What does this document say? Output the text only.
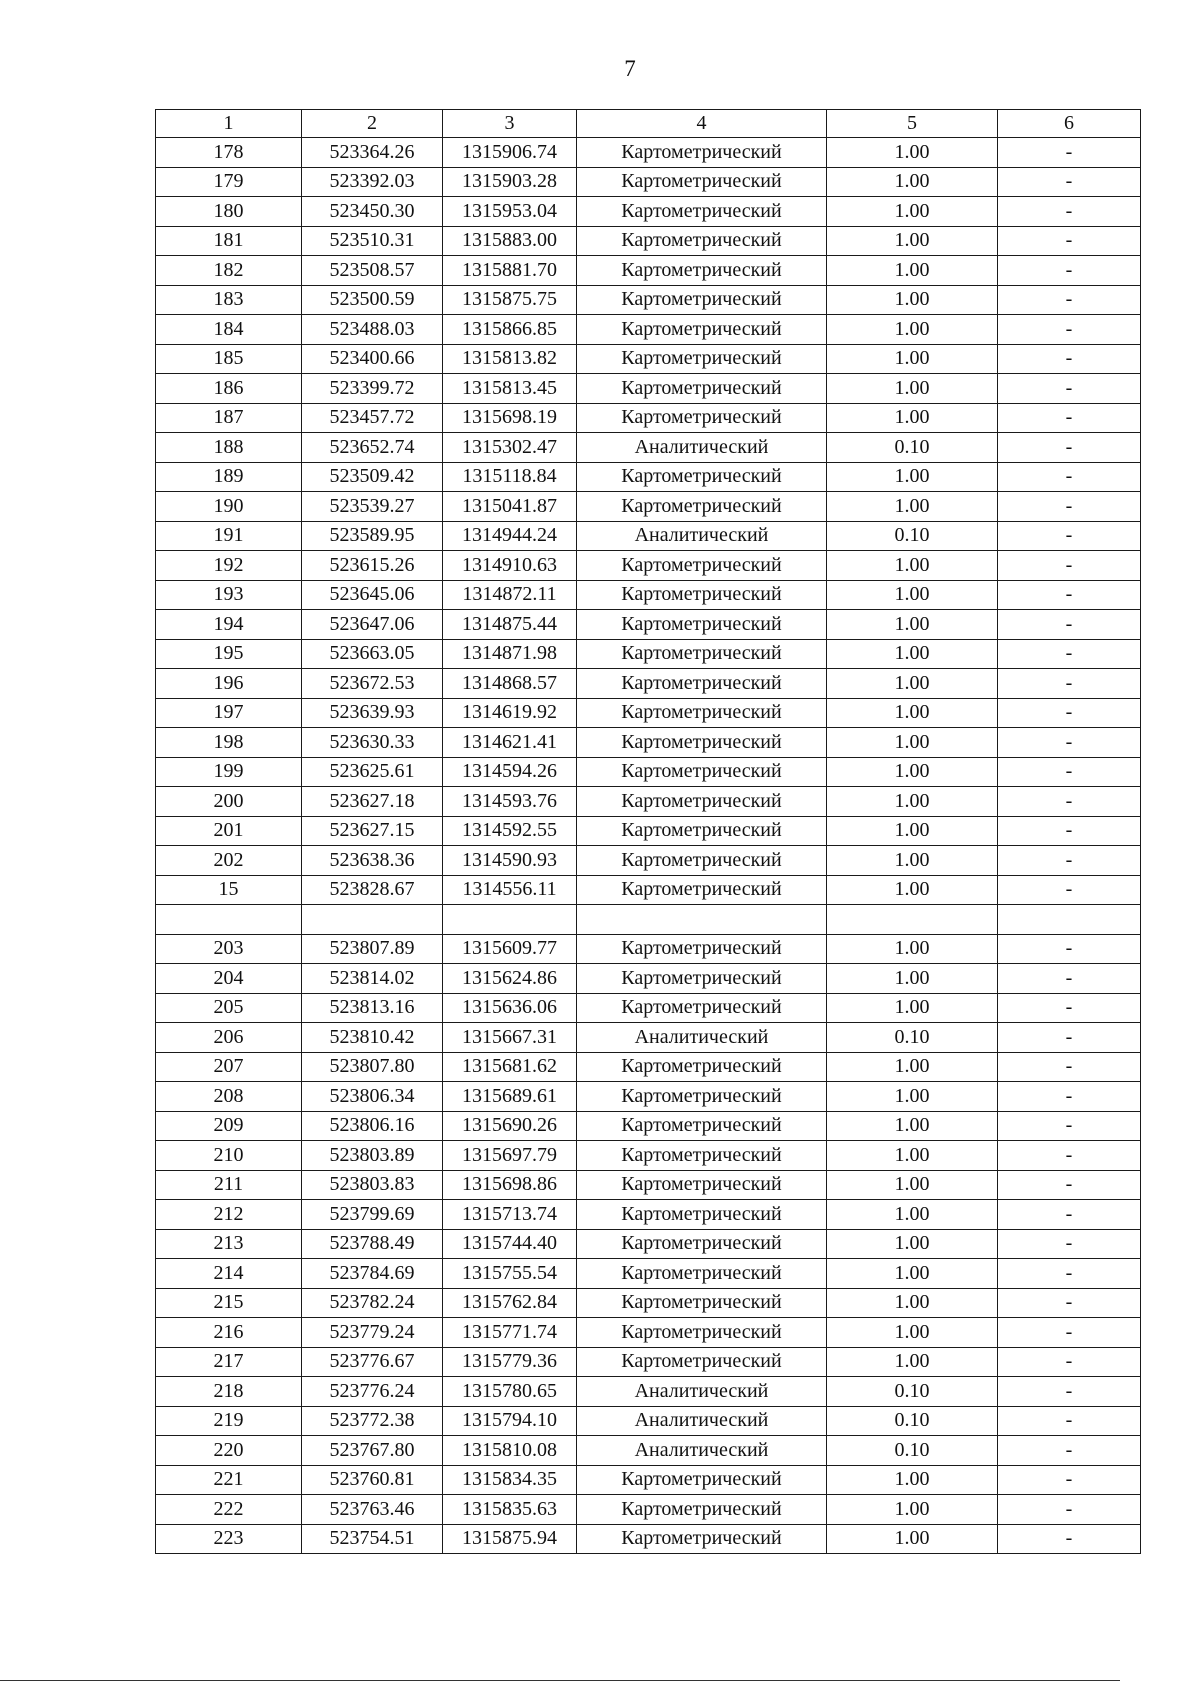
7
1	2	3	4	5	6
178	523364.26	1315906.74	Картометрический	1.00	-
179	523392.03	1315903.28	Картометрический	1.00	-
180	523450.30	1315953.04	Картометрический	1.00	-
181	523510.31	1315883.00	Картометрический	1.00	-
182	523508.57	1315881.70	Картометрический	1.00	-
183	523500.59	1315875.75	Картометрический	1.00	-
184	523488.03	1315866.85	Картометрический	1.00	-
185	523400.66	1315813.82	Картометрический	1.00	-
186	523399.72	1315813.45	Картометрический	1.00	-
187	523457.72	1315698.19	Картометрический	1.00	-
188	523652.74	1315302.47	Аналитический	0.10	-
189	523509.42	1315118.84	Картометрический	1.00	-
190	523539.27	1315041.87	Картометрический	1.00	-
191	523589.95	1314944.24	Аналитический	0.10	-
192	523615.26	1314910.63	Картометрический	1.00	-
193	523645.06	1314872.11	Картометрический	1.00	-
194	523647.06	1314875.44	Картометрический	1.00	-
195	523663.05	1314871.98	Картометрический	1.00	-
196	523672.53	1314868.57	Картометрический	1.00	-
197	523639.93	1314619.92	Картометрический	1.00	-
198	523630.33	1314621.41	Картометрический	1.00	-
199	523625.61	1314594.26	Картометрический	1.00	-
200	523627.18	1314593.76	Картометрический	1.00	-
201	523627.15	1314592.55	Картометрический	1.00	-
202	523638.36	1314590.93	Картометрический	1.00	-
15	523828.67	1314556.11	Картометрический	1.00	-

203	523807.89	1315609.77	Картометрический	1.00	-
204	523814.02	1315624.86	Картометрический	1.00	-
205	523813.16	1315636.06	Картометрический	1.00	-
206	523810.42	1315667.31	Аналитический	0.10	-
207	523807.80	1315681.62	Картометрический	1.00	-
208	523806.34	1315689.61	Картометрический	1.00	-
209	523806.16	1315690.26	Картометрический	1.00	-
210	523803.89	1315697.79	Картометрический	1.00	-
211	523803.83	1315698.86	Картометрический	1.00	-
212	523799.69	1315713.74	Картометрический	1.00	-
213	523788.49	1315744.40	Картометрический	1.00	-
214	523784.69	1315755.54	Картометрический	1.00	-
215	523782.24	1315762.84	Картометрический	1.00	-
216	523779.24	1315771.74	Картометрический	1.00	-
217	523776.67	1315779.36	Картометрический	1.00	-
218	523776.24	1315780.65	Аналитический	0.10	-
219	523772.38	1315794.10	Аналитический	0.10	-
220	523767.80	1315810.08	Аналитический	0.10	-
221	523760.81	1315834.35	Картометрический	1.00	-
222	523763.46	1315835.63	Картометрический	1.00	-
223	523754.51	1315875.94	Картометрический	1.00	-
